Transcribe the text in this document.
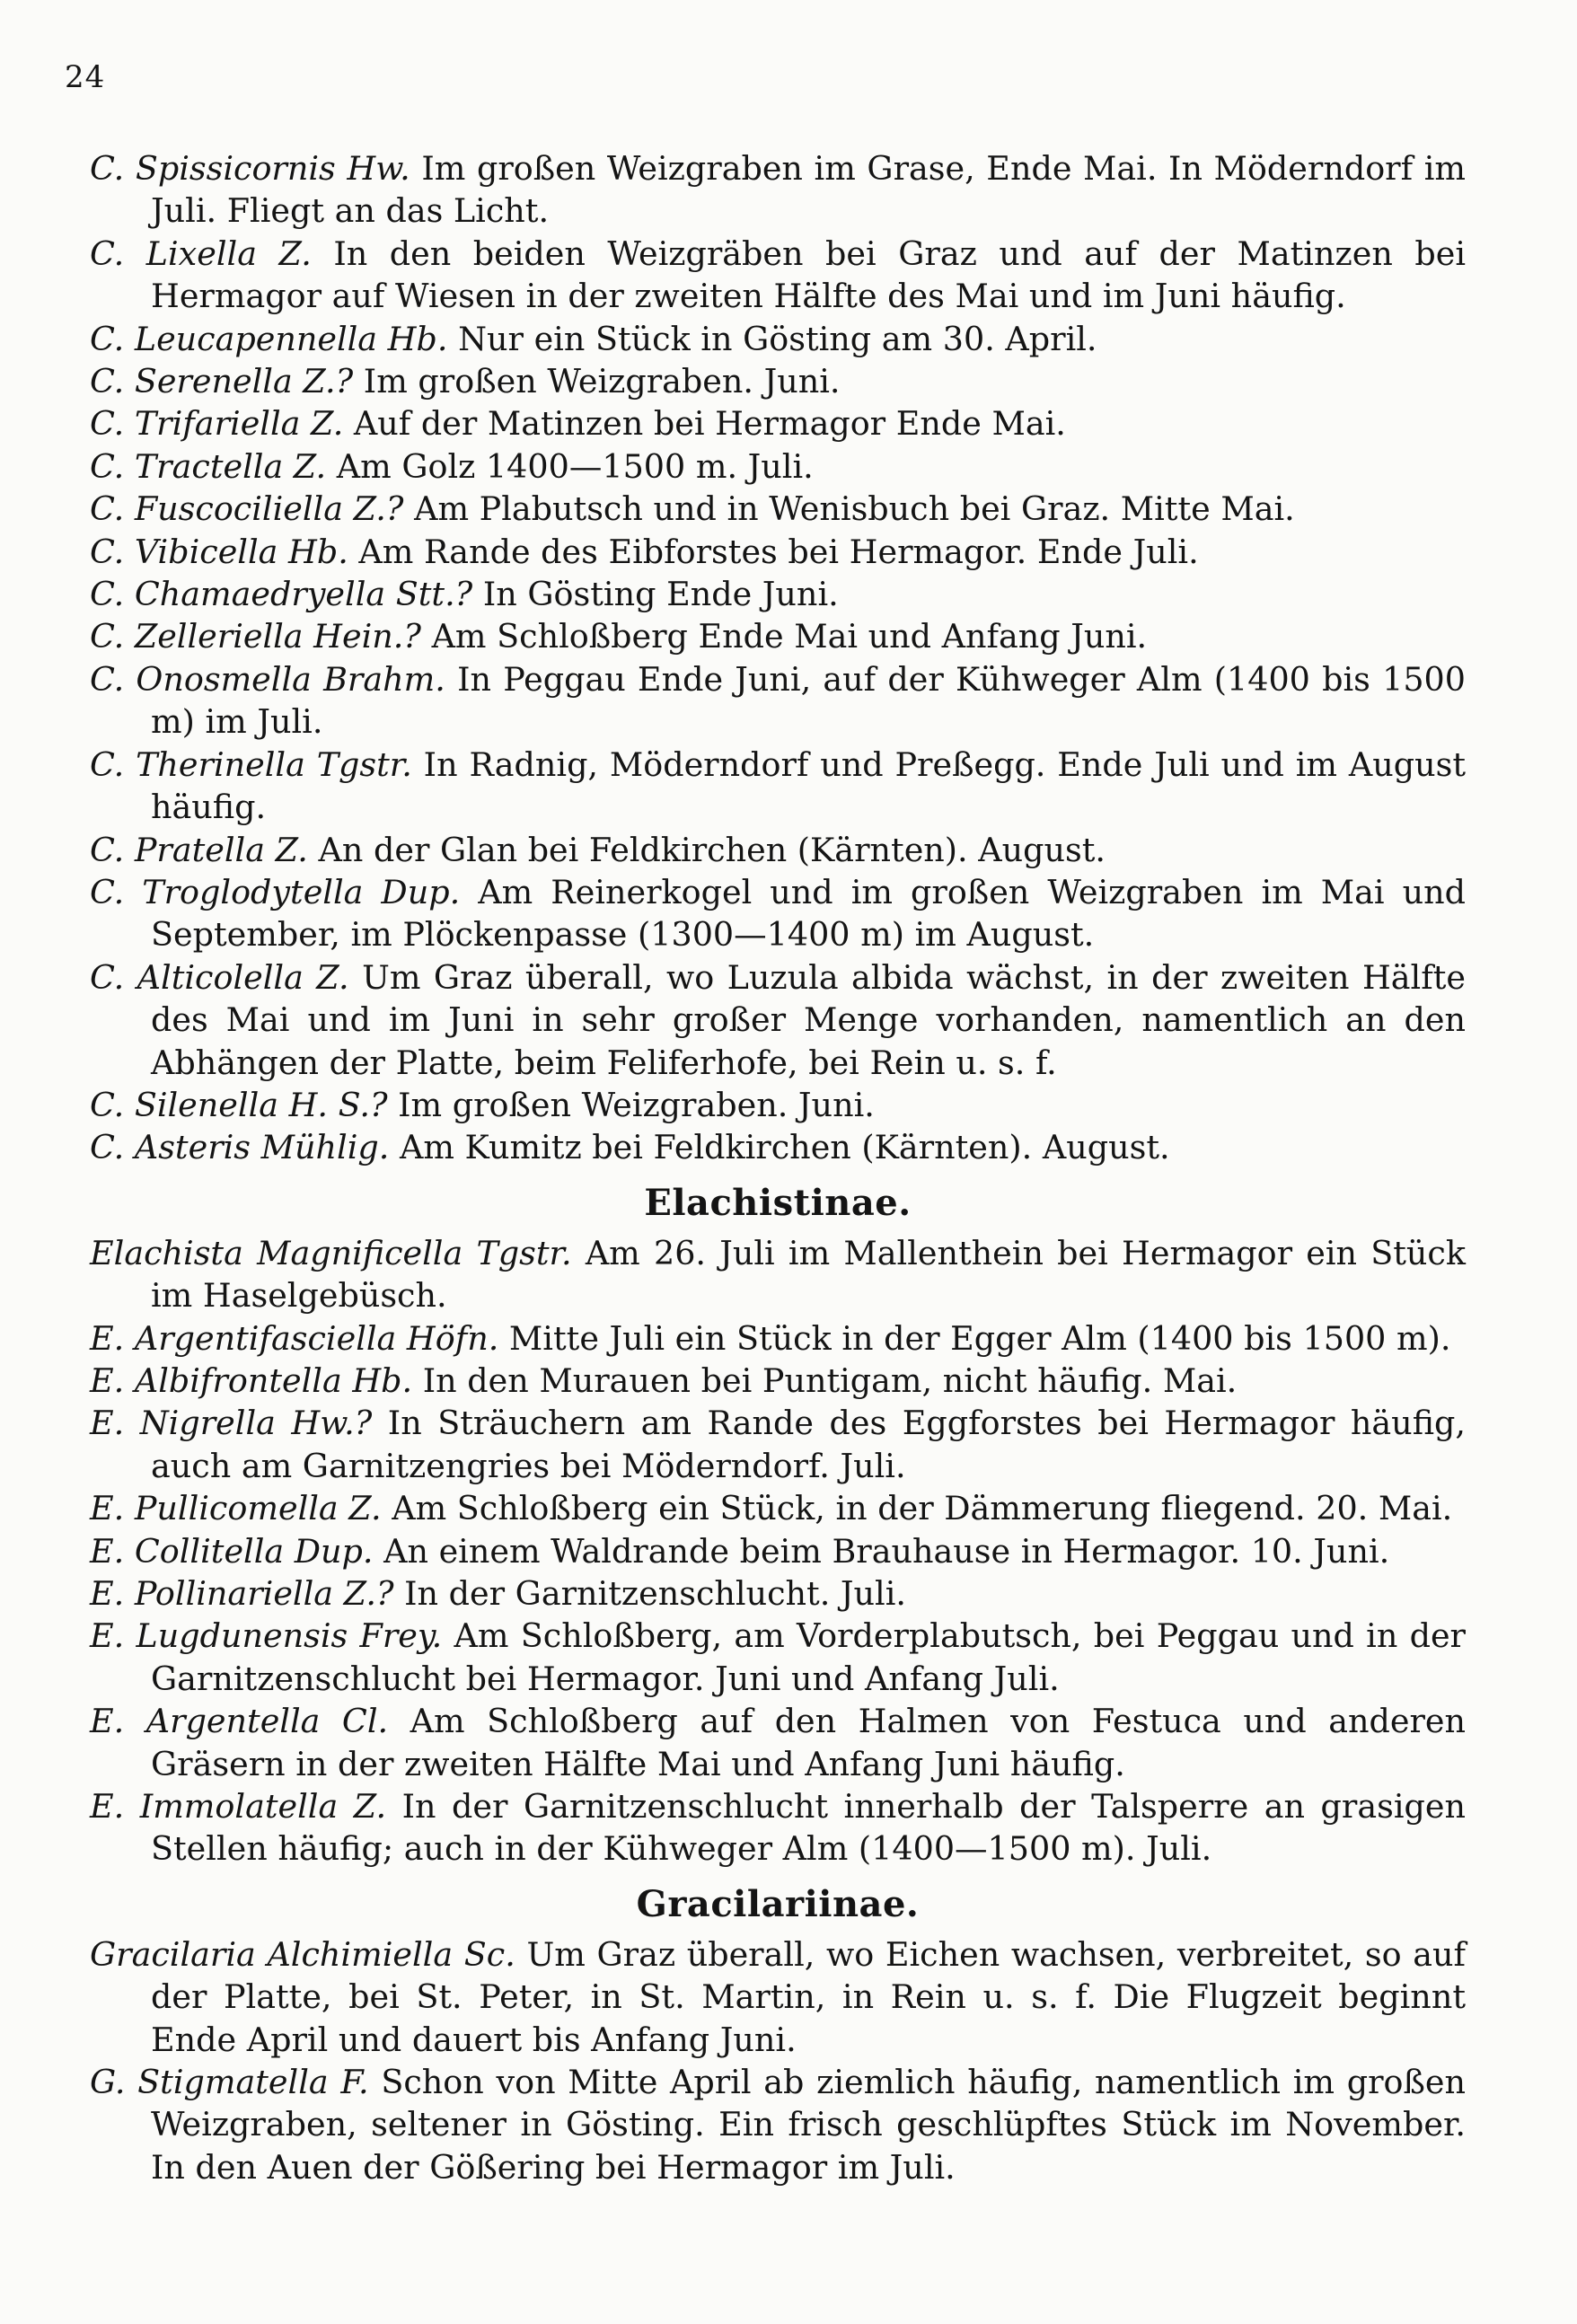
24

C. Spissicornis Hw. Im großen Weizgraben im Grase, Ende Mai. In Möderndorf im Juli. Fliegt an das Licht.

C. Lixella Z. In den beiden Weizgräben bei Graz und auf der Matinzen bei Hermagor auf Wiesen in der zweiten Hälfte des Mai und im Juni häufig.

C. Leucapennella Hb. Nur ein Stück in Gösting am 30. April.

C. Serenella Z.? Im großen Weizgraben. Juni.

C. Trifariella Z. Auf der Matinzen bei Hermagor Ende Mai.

C. Tractella Z. Am Golz 1400—1500 m. Juli.

C. Fuscociliella Z.? Am Plabutsch und in Wenisbuch bei Graz. Mitte Mai.

C. Vibicella Hb. Am Rande des Eibforstes bei Hermagor. Ende Juli.

C. Chamaedryella Stt.? In Gösting Ende Juni.

C. Zelleriella Hein.? Am Schloßberg Ende Mai und Anfang Juni.

C. Onosmella Brahm. In Peggau Ende Juni, auf der Kühweger Alm (1400 bis 1500 m) im Juli.

C. Therinella Tgstr. In Radnig, Möderndorf und Preßegg. Ende Juli und im August häufig.

C. Pratella Z. An der Glan bei Feldkirchen (Kärnten). August.

C. Troglodytella Dup. Am Reinerkogel und im großen Weizgraben im Mai und September, im Plöckenpasse (1300—1400 m) im August.

C. Alticolella Z. Um Graz überall, wo Luzula albida wächst, in der zweiten Hälfte des Mai und im Juni in sehr großer Menge vorhanden, namentlich an den Abhängen der Platte, beim Feliferhofe, bei Rein u. s. f.

C. Silenella H. S.? Im großen Weizgraben. Juni.

C. Asteris Mühlig. Am Kumitz bei Feldkirchen (Kärnten). August.

Elachistinae.

Elachista Magnificella Tgstr. Am 26. Juli im Mallenthein bei Hermagor ein Stück im Haselgebüsch.

E. Argentifasciella Höfn. Mitte Juli ein Stück in der Egger Alm (1400 bis 1500 m).

E. Albifrontella Hb. In den Murauen bei Puntigam, nicht häufig. Mai.

E. Nigrella Hw.? In Sträuchern am Rande des Eggforstes bei Hermagor häufig, auch am Garnitzengries bei Möderndorf. Juli.

E. Pullicomella Z. Am Schloßberg ein Stück, in der Dämmerung fliegend. 20. Mai.

E. Collitella Dup. An einem Waldrande beim Brauhause in Hermagor. 10. Juni.

E. Pollinariella Z.? In der Garnitzenschlucht. Juli.

E. Lugdunensis Frey. Am Schloßberg, am Vorderplabutsch, bei Peggau und in der Garnitzenschlucht bei Hermagor. Juni und Anfang Juli.

E. Argentella Cl. Am Schloßberg auf den Halmen von Festuca und anderen Gräsern in der zweiten Hälfte Mai und Anfang Juni häufig.

E. Immolatella Z. In der Garnitzenschlucht innerhalb der Talsperre an grasigen Stellen häufig; auch in der Kühweger Alm (1400—1500 m). Juli.

Gracilariinae.

Gracilaria Alchimiella Sc. Um Graz überall, wo Eichen wachsen, verbreitet, so auf der Platte, bei St. Peter, in St. Martin, in Rein u. s. f. Die Flugzeit beginnt Ende April und dauert bis Anfang Juni.

G. Stigmatella F. Schon von Mitte April ab ziemlich häufig, namentlich im großen Weizgraben, seltener in Gösting. Ein frisch geschlüpftes Stück im November. In den Auen der Gößering bei Hermagor im Juli.
